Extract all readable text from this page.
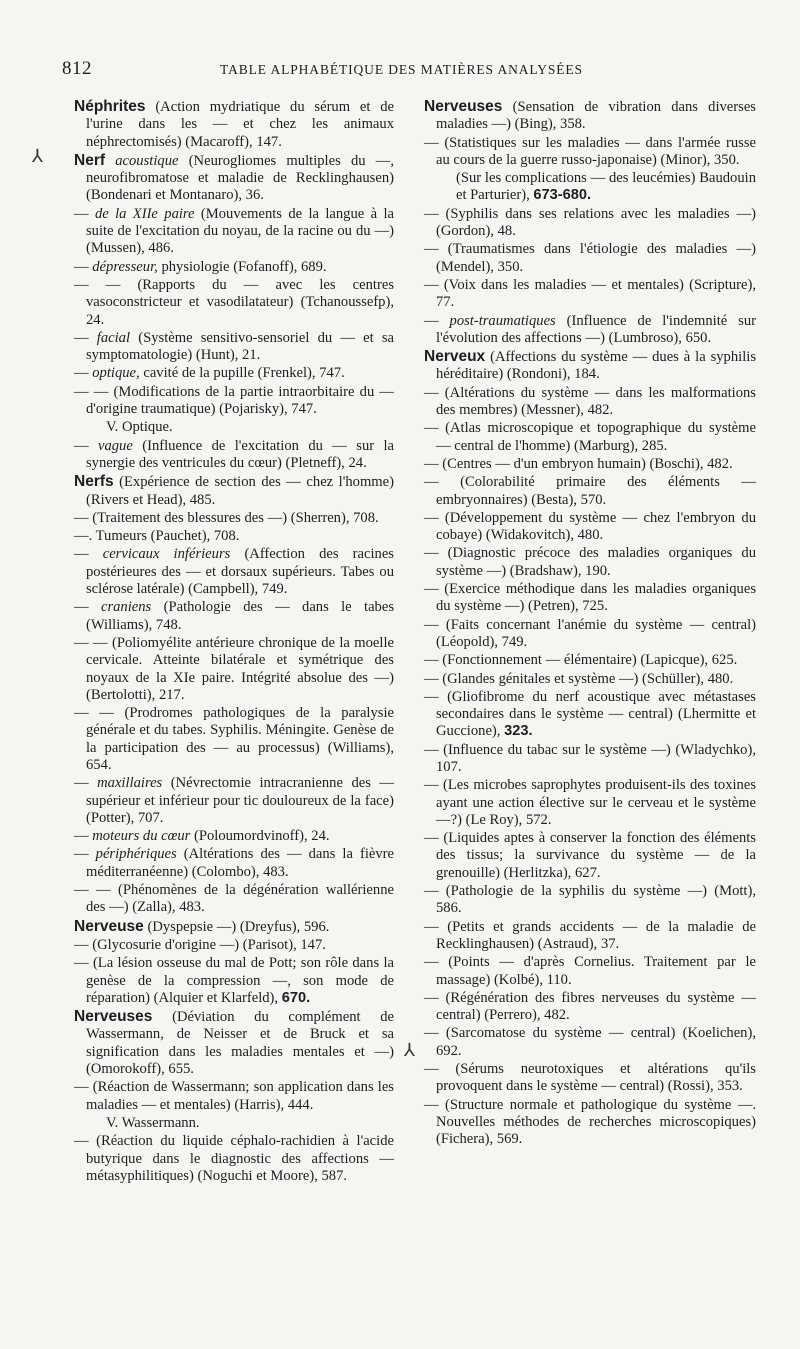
812	TABLE ALPHABÉTIQUE DES MATIÈRES ANALYSÉES
⅄
⅄
Néphrites (Action mydriatique du sérum et de l'urine dans les — et chez les animaux néphrectomisés) (Macaroff), 147.
Nerf acoustique (Neurogliomes multiples du —, neurofibromatose et maladie de Recklinghausen) (Bondenari et Montanaro), 36.
— de la XIIe paire (Mouvements de la langue à la suite de l'excitation du noyau, de la racine ou du —) (Mussen), 486.
— dépresseur, physiologie (Fofanoff), 689.
— — (Rapports du — avec les centres vasoconstricteur et vasodilatateur) (Tchanoussefp), 24.
— facial (Système sensitivo-sensoriel du — et sa symptomatologie) (Hunt), 21.
— optique, cavité de la pupille (Frenkel), 747.
— — (Modifications de la partie intraorbitaire du — d'origine traumatique) (Pojarisky), 747.
V. Optique.
— vague (Influence de l'excitation du — sur la synergie des ventricules du cœur) (Pletneff), 24.
Nerfs (Expérience de section des — chez l'homme) (Rivers et Head), 485.
— (Traitement des blessures des —) (Sherren), 708.
—. Tumeurs (Pauchet), 708.
— cervicaux inférieurs (Affection des racines postérieures des — et dorsaux supérieurs. Tabes ou sclérose latérale) (Campbell), 749.
— craniens (Pathologie des — dans le tabes (Williams), 748.
— — (Poliomyélite antérieure chronique de la moelle cervicale. Atteinte bilatérale et symétrique des noyaux de la XIe paire. Intégrité absolue des —) (Bertolotti), 217.
— — (Prodromes pathologiques de la paralysie générale et du tabes. Syphilis. Méningite. Genèse de la participation des — au processus) (Williams), 654.
— maxillaires (Névrectomie intracranienne des — supérieur et inférieur pour tic douloureux de la face) (Potter), 707.
— moteurs du cœur (Poloumordvinoff), 24.
— périphériques (Altérations des — dans la fièvre méditerranéenne) (Colombo), 483.
— — (Phénomènes de la dégénération wallérienne des —) (Zalla), 483.
Nerveuse (Dyspepsie —) (Dreyfus), 596.
— (Glycosurie d'origine —) (Parisot), 147.
— (La lésion osseuse du mal de Pott; son rôle dans la genèse de la compression —, son mode de réparation) (Alquier et Klarfeld), 670.
Nerveuses (Déviation du complément de Wassermann, de Neisser et de Bruck et sa signification dans les maladies mentales et —) (Omorokoff), 655.
— (Réaction de Wassermann; son application dans les maladies — et mentales) (Harris), 444.
V. Wassermann.
— (Réaction du liquide céphalo-rachidien à l'acide butyrique dans le diagnostic des affections — métasyphilitiques) (Noguchi et Moore), 587.
Nerveuses (Sensation de vibration dans diverses maladies —) (Bing), 358.
— (Statistiques sur les maladies — dans l'armée russe au cours de la guerre russo-japonaise) (Minor), 350.
(Sur les complications — des leucémies) Baudouin et Parturier), 673-680.
— (Syphilis dans ses relations avec les maladies —) (Gordon), 48.
— (Traumatismes dans l'étiologie des maladies —) (Mendel), 350.
— (Voix dans les maladies — et mentales) (Scripture), 77.
— post-traumatiques (Influence de l'indemnité sur l'évolution des affections —) (Lumbroso), 650.
Nerveux (Affections du système — dues à la syphilis héréditaire) (Rondoni), 184.
— (Altérations du système — dans les malformations des membres) (Messner), 482.
— (Atlas microscopique et topographique du système — central de l'homme) (Marburg), 285.
— (Centres — d'un embryon humain) (Boschi), 482.
— (Colorabilité primaire des éléments — embryonnaires) (Besta), 570.
— (Développement du système — chez l'embryon du cobaye) (Widakovitch), 480.
— (Diagnostic précoce des maladies organiques du système —) (Bradshaw), 190.
— (Exercice méthodique dans les maladies organiques du système —) (Petren), 725.
— (Faits concernant l'anémie du système — central) (Léopold), 749.
— (Fonctionnement — élémentaire) (Lapicque), 625.
— (Glandes génitales et système —) (Schüller), 480.
— (Gliofibrome du nerf acoustique avec métastases secondaires dans le système — central) (Lhermitte et Guccione), 323.
— (Influence du tabac sur le système —) (Wladychko), 107.
— (Les microbes saprophytes produisent-ils des toxines ayant une action élective sur le cerveau et le système —?) (Le Roy), 572.
— (Liquides aptes à conserver la fonction des éléments des tissus; la survivance du système — de la grenouille) (Herlitzka), 627.
— (Pathologie de la syphilis du système —) (Mott), 586.
— (Petits et grands accidents — de la maladie de Recklinghausen) (Astraud), 37.
— (Points — d'après Cornelius. Traitement par le massage) (Kolbé), 110.
— (Régénération des fibres nerveuses du système — central) (Perrero), 482.
— (Sarcomatose du système — central) (Koelichen), 692.
— (Sérums neurotoxiques et altérations qu'ils provoquent dans le système — central) (Rossi), 353.
— (Structure normale et pathologique du système —. Nouvelles méthodes de recherches microscopiques) (Fichera), 569.
